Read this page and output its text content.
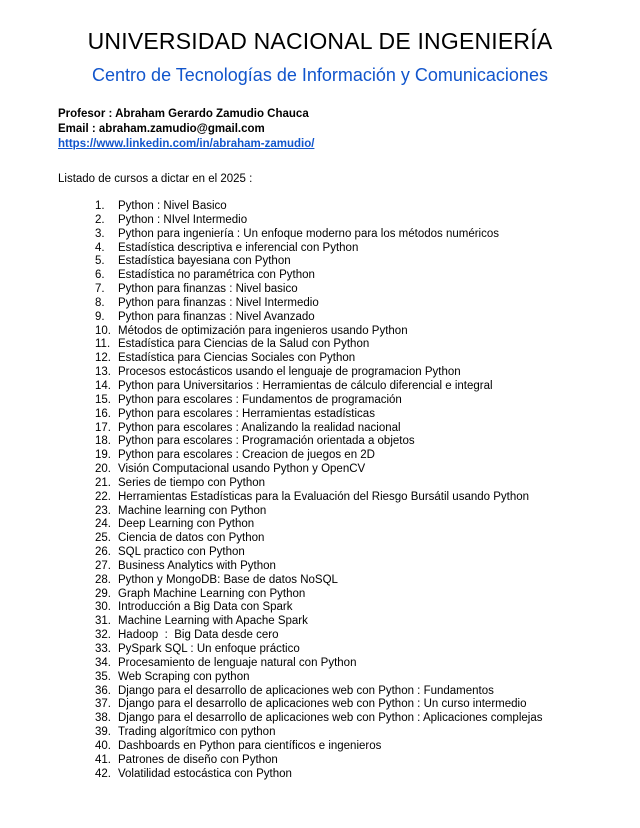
UNIVERSIDAD NACIONAL DE INGENIERÍA
Centro de Tecnologías de Información y Comunicaciones

Profesor : Abraham Gerardo Zamudio Chauca

Email : abraham.zamudio@gmail.com

https://www.linkedin.com/in/abraham-zamudio/

Listado de cursos a dictar en el 2025 :

1.	Python : Nivel Basico
2.	Python : NIvel Intermedio
3.	Python para ingeniería : Un enfoque moderno para los métodos numéricos
4.	Estadística descriptiva e inferencial con Python
5.	Estadística bayesiana con Python
6.	Estadística no paramétrica con Python
7.	Python para finanzas : Nivel basico
8.	Python para finanzas : Nivel Intermedio
9.	Python para finanzas : Nivel Avanzado
10. Métodos de optimización para ingenieros usando Python
11. Estadística para Ciencias de la Salud con Python
12. Estadística para Ciencias Sociales con Python
13. Procesos estocásticos usando el lenguaje de programacion Python
14. Python para Universitarios : Herramientas de cálculo diferencial e integral
15. Python para escolares : Fundamentos de programación
16. Python para escolares : Herramientas estadísticas
17. Python para escolares : Analizando la realidad nacional
18. Python para escolares : Programación orientada a objetos
19. Python para escolares : Creacion de juegos en 2D
20. Visión Computacional usando Python y OpenCV
21. Series de tiempo con Python
22. Herramientas Estadísticas para la Evaluación del Riesgo Bursátil usando Python
23. Machine learning con Python
24. Deep Learning con Python
25. Ciencia de datos con Python
26. SQL practico con Python
27. Business Analytics with Python
28. Python y MongoDB: Base de datos NoSQL
29. Graph Machine Learning con Python
30. Introducción a Big Data con Spark
31. Machine Learning with Apache Spark
32. Hadoop  :  Big Data desde cero
33. PySpark SQL : Un enfoque práctico
34. Procesamiento de lenguaje natural con Python
35. Web Scraping con python
36. Django para el desarrollo de aplicaciones web con Python : Fundamentos
37. Django para el desarrollo de aplicaciones web con Python : Un curso intermedio
38. Django para el desarrollo de aplicaciones web con Python : Aplicaciones complejas
39. Trading algorítmico con python
40. Dashboards en Python para científicos e ingenieros
41. Patrones de diseño con Python
42. Volatilidad estocástica con Python
